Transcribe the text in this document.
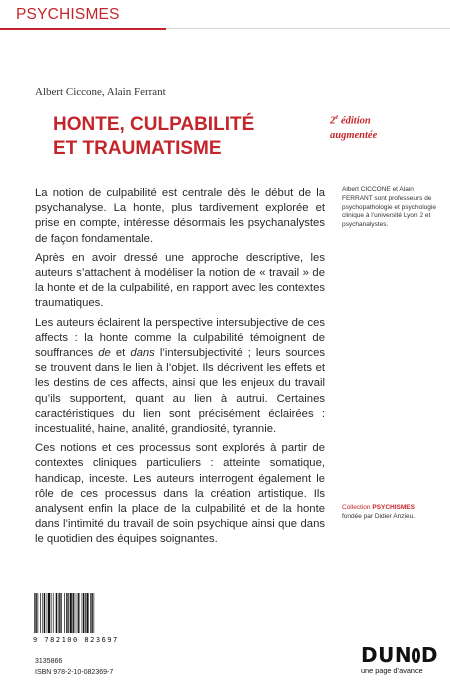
PSYCHISMES
Albert Ciccone, Alain Ferrant
HONTE, CULPABILITÉ
ET TRAUMATISME
2e édition
augmentée

La notion de culpabilité est centrale dès le début de la psychanalyse. La honte, plus tardivement explorée et prise en compte, intéresse désormais les psychanalystes de façon fondamentale.

Après en avoir dressé une approche descriptive, les auteurs s’attachent à modéliser la notion de « travail » de la honte et de la culpabilité, en rapport avec les contextes traumatiques.

Les auteurs éclairent la perspective intersubjective de ces affects : la honte comme la culpabilité témoignent de souffrances de et dans l’intersubjectivité ; leurs sources se trouvent dans le lien à l’objet. Ils décrivent les effets et les destins de ces affects, ainsi que les enjeux du travail qu’ils supportent, quant au lien à autrui. Certaines caractéristiques du lien sont précisément éclairées : incestualité, haine, analité, grandiosité, tyrannie.

Ces notions et ces processus sont explorés à partir de contextes cliniques particuliers : atteinte somatique, handicap, inceste. Les auteurs interrogent également le rôle de ces processus dans la création artistique. Ils analysent enfin la place de la culpabilité et de la honte dans l’intimité du travail de soin psychique ainsi que dans le quotidien des équipes soignantes.

Albert CICCONE et Alain FERRANT sont professeurs de psychopathologie et psychologie clinique à l’université Lyon 2 et psychanalystes.
Collection PSYCHISMES
fondée par Didier Anzieu.
9 782100 823697
3135866
ISBN 978-2-10-082369-7
D U N D
une page d’avance
